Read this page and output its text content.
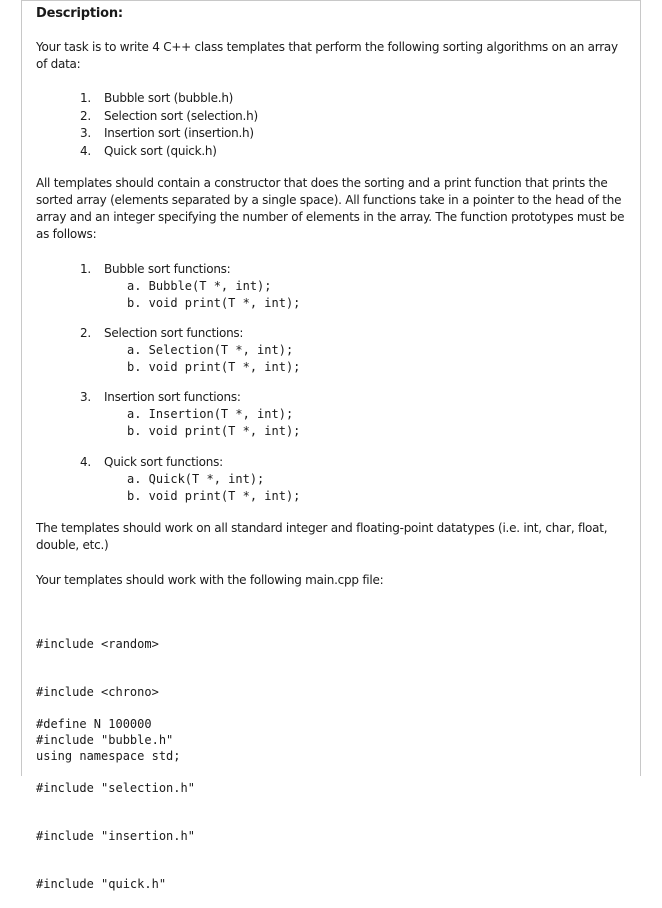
Description:
Your task is to write 4 C++ class templates that perform the following sorting algorithms on an array of data:
1.	Bubble sort (bubble.h)
2.	Selection sort (selection.h)
3.	Insertion sort (insertion.h)
4.	Quick sort (quick.h)
All templates should contain a constructor that does the sorting and a print function that prints the sorted array (elements separated by a single space). All functions take in a pointer to the head of the array and an integer specifying the number of elements in the array. The function prototypes must be as follows:
1.	Bubble sort functions:
a. Bubble(T *, int);
b. void print(T *, int);
2.	Selection sort functions:
a. Selection(T *, int);
b. void print(T *, int);
3.	Insertion sort functions:
a. Insertion(T *, int);
b. void print(T *, int);
4.	Quick sort functions:
a. Quick(T *, int);
b. void print(T *, int);
The templates should work on all standard integer and floating-point datatypes (i.e. int, char, float, double, etc.)
Your templates should work with the following main.cpp file:

#include <random>

#include <chrono>

#include "bubble.h"

#include "selection.h"

#include "insertion.h"

#include "quick.h"

#define N 100000
using namespace std;
